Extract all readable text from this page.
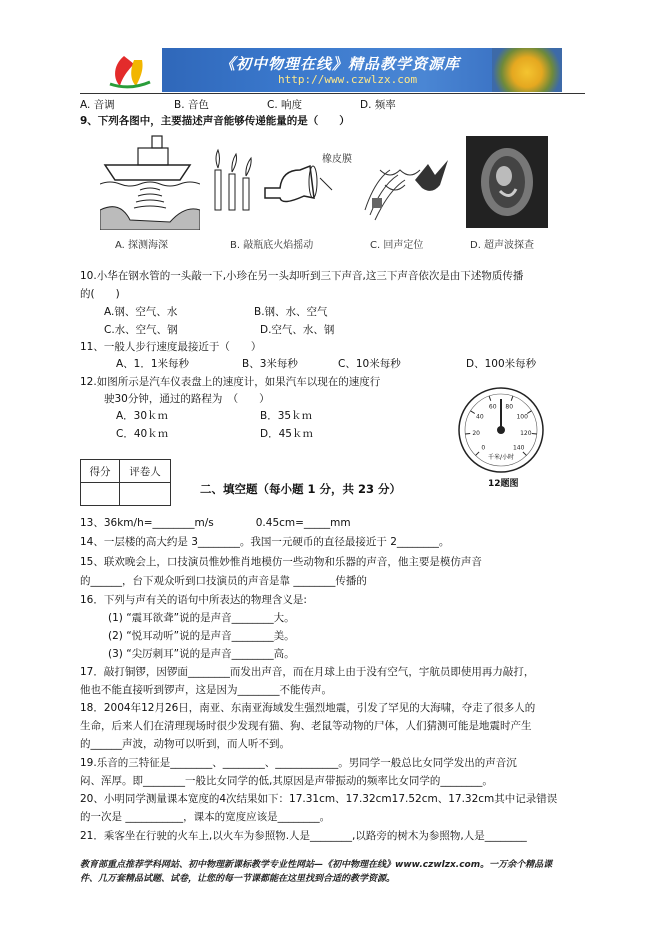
《初中物理在线》精品教学资源库
http://www.czwlzx.com
A. 音调	B. 音色	C. 响度	D. 频率
9、下列各图中，主要描述声音能够传递能量的是（　　）
A. 探测海深
橡皮膜
B. 敲瓶底火焰摇动	C. 回声定位	D. 超声波探查
10.小华在钢水管的一头敲一下,小珍在另一头却听到三下声音,这三下声音依次是由下述物质传播
的(　　)
A.钢、空气、水	B.钢、水、空气
C.水、空气、钢	D.空气、水、钢
11、一般人步行速度最接近于（　　）
A、1．1米每秒	B、3米每秒	C、10米每秒	D、100米每秒
12.如图所示是汽车仪表盘上的速度计，如果汽车以现在的速度行
驶30分钟，通过的路程为　（　　）
A．30ｋｍ	B．35ｋｍ
C．40ｋｍ	D．45ｋｍ
0
20
40
60 80
100
120
140
千米/小时
12题图
得分	评卷人

二、填空题（每小题 1 分，共 23 分）
13、36km/h=________m/s　　　　0.45cm=_____mm
14、一层楼的高大约是 3________。我国一元硬币的直径最接近于 2________。
15、联欢晚会上，口技演员惟妙惟肖地模仿一些动物和乐器的声音，他主要是模仿声音
的______，台下观众听到口技演员的声音是靠 ________传播的
16．下列与声有关的语句中所表达的物理含义是:
(1) “震耳欲聋”说的是声音________大。
(2) “悦耳动听”说的是声音________美。
(3) “尖厉刺耳”说的是声音________高。
17．敲打铜锣，因锣面________而发出声音，而在月球上由于没有空气，宇航员即使用再力敲打，
他也不能直接听到锣声，这是因为________不能传声。
18．2004年12月26日，南亚、东南亚海域发生强烈地震，引发了罕见的大海啸，夺走了很多人的
生命，后来人们在清理现场时很少发现有猫、狗、老鼠等动物的尸体，人们猜测可能是地震时产生
的______声波，动物可以听到，而人听不到。
19.乐音的三特征是________、________、____________。男同学一般总比女同学发出的声音沉
闷、浑厚。即________一般比女同学的低,其原因是声带振动的频率比女同学的________。
20、小明同学测量课本宽度的4次结果如下：17.31cm、17.32cm17.52cm、17.32cm其中记录错误
的一次是 ___________，课本的宽度应该是________。
21．乘客坐在行驶的火车上,以火车为参照物.人是________,以路旁的树木为参照物,人是________
教育部重点推荐学科网站、初中物理新课标教学专业性网站—《初中物理在线》www.czwlzx.com。一万余个精品课
件、几万套精品试题、试卷，让您的每一节课都能在这里找到合适的教学资源。
